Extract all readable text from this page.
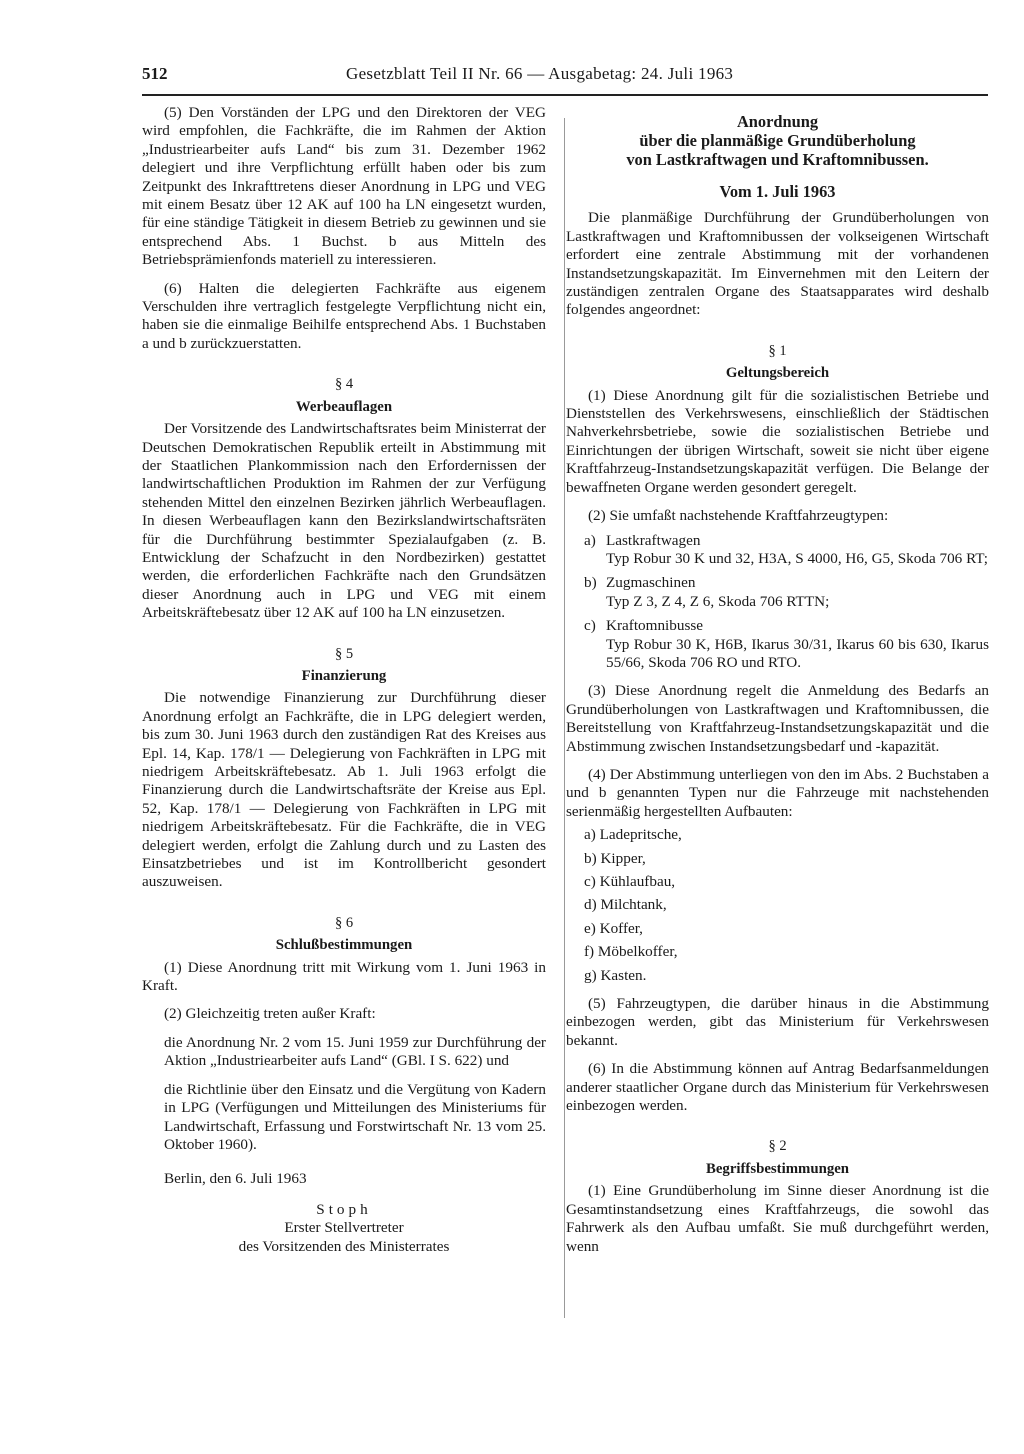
512	Gesetzblatt Teil II Nr. 66 — Ausgabetag: 24. Juli 1963

(5) Den Vorständen der LPG und den Direktoren der VEG wird empfohlen, die Fachkräfte, die im Rahmen der Aktion „Industriearbeiter aufs Land“ bis zum 31. Dezember 1962 delegiert und ihre Verpflichtung erfüllt haben oder bis zum Zeitpunkt des Inkrafttretens dieser Anordnung in LPG und VEG mit einem Besatz über 12 AK auf 100 ha LN eingesetzt wurden, für eine ständige Tätigkeit in diesem Betrieb zu gewinnen und sie entsprechend Abs. 1 Buchst. b aus Mitteln des Betriebsprämienfonds materiell zu interessieren.

(6) Halten die delegierten Fachkräfte aus eigenem Verschulden ihre vertraglich festgelegte Verpflichtung nicht ein, haben sie die einmalige Beihilfe entsprechend Abs. 1 Buchstaben a und b zurückzuerstatten.

§ 4

Werbeauflagen

Der Vorsitzende des Landwirtschaftsrates beim Ministerrat der Deutschen Demokratischen Republik erteilt in Abstimmung mit der Staatlichen Plankommission nach den Erfordernissen der landwirtschaftlichen Produktion im Rahmen der zur Verfügung stehenden Mittel den einzelnen Bezirken jährlich Werbeauflagen. In diesen Werbeauflagen kann den Bezirkslandwirtschaftsräten für die Durchführung bestimmter Spezialaufgaben (z. B. Entwicklung der Schafzucht in den Nordbezirken) gestattet werden, die erforderlichen Fachkräfte nach den Grundsätzen dieser Anordnung auch in LPG und VEG mit einem Arbeitskräftebesatz über 12 AK auf 100 ha LN einzusetzen.

§ 5

Finanzierung

Die notwendige Finanzierung zur Durchführung dieser Anordnung erfolgt an Fachkräfte, die in LPG delegiert werden, bis zum 30. Juni 1963 durch den zuständigen Rat des Kreises aus Epl. 14, Kap. 178/1 — Delegierung von Fachkräften in LPG mit niedrigem Arbeitskräftebesatz. Ab 1. Juli 1963 erfolgt die Finanzierung durch die Landwirtschaftsräte der Kreise aus Epl. 52, Kap. 178/1 — Delegierung von Fachkräften in LPG mit niedrigem Arbeitskräftebesatz. Für die Fachkräfte, die in VEG delegiert werden, erfolgt die Zahlung durch und zu Lasten des Einsatzbetriebes und ist im Kontrollbericht gesondert auszuweisen.

§ 6

Schlußbestimmungen

(1) Diese Anordnung tritt mit Wirkung vom 1. Juni 1963 in Kraft.

(2) Gleichzeitig treten außer Kraft:

die Anordnung Nr. 2 vom 15. Juni 1959 zur Durchführung der Aktion „Industriearbeiter aufs Land“ (GBl. I S. 622) und

die Richtlinie über den Einsatz und die Vergütung von Kadern in LPG (Verfügungen und Mitteilungen des Ministeriums für Landwirtschaft, Erfassung und Forstwirtschaft Nr. 13 vom 25. Oktober 1960).

Berlin, den 6. Juli 1963

Stoph

Erster Stellvertreter

des Vorsitzenden des Ministerrates

Anordnung

über die planmäßige Grundüberholung

von Lastkraftwagen und Kraftomnibussen.

Vom 1. Juli 1963

Die planmäßige Durchführung der Grundüberholungen von Lastkraftwagen und Kraftomnibussen der volkseigenen Wirtschaft erfordert eine zentrale Abstimmung mit der vorhandenen Instandsetzungskapazität. Im Einvernehmen mit den Leitern der zuständigen zentralen Organe des Staatsapparates wird deshalb folgendes angeordnet:

§ 1

Geltungsbereich

(1) Diese Anordnung gilt für die sozialistischen Betriebe und Dienststellen des Verkehrswesens, einschließlich der Städtischen Nahverkehrsbetriebe, sowie die sozialistischen Betriebe und Einrichtungen der übrigen Wirtschaft, soweit sie nicht über eigene Kraftfahrzeug-Instandsetzungskapazität verfügen. Die Belange der bewaffneten Organe werden gesondert geregelt.

(2) Sie umfaßt nachstehende Kraftfahrzeugtypen:

a) Lastkraftwagen
Typ Robur 30 K und 32, H3A, S 4000, H6, G5, Skoda 706 RT;
b) Zugmaschinen
Typ Z 3, Z 4, Z 6, Skoda 706 RTTN;
c) Kraftomnibusse
Typ Robur 30 K, H6B, Ikarus 30/31, Ikarus 60 bis 630, Ikarus 55/66, Skoda 706 RO und RTO.

(3) Diese Anordnung regelt die Anmeldung des Bedarfs an Grundüberholungen von Lastkraftwagen und Kraftomnibussen, die Bereitstellung von Kraftfahrzeug-Instandsetzungskapazität und die Abstimmung zwischen Instandsetzungsbedarf und -kapazität.

(4) Der Abstimmung unterliegen von den im Abs. 2 Buchstaben a und b genannten Typen nur die Fahrzeuge mit nachstehenden serienmäßig hergestellten Aufbauten:

a) Ladepritsche,

b) Kipper,

c) Kühlaufbau,

d) Milchtank,

e) Koffer,

f) Möbelkoffer,

g) Kasten.

(5) Fahrzeugtypen, die darüber hinaus in die Abstimmung einbezogen werden, gibt das Ministerium für Verkehrswesen bekannt.

(6) In die Abstimmung können auf Antrag Bedarfsanmeldungen anderer staatlicher Organe durch das Ministerium für Verkehrswesen einbezogen werden.

§ 2

Begriffsbestimmungen

(1) Eine Grundüberholung im Sinne dieser Anordnung ist die Gesamtinstandsetzung eines Kraftfahrzeugs, die sowohl das Fahrwerk als den Aufbau umfaßt. Sie muß durchgeführt werden, wenn
